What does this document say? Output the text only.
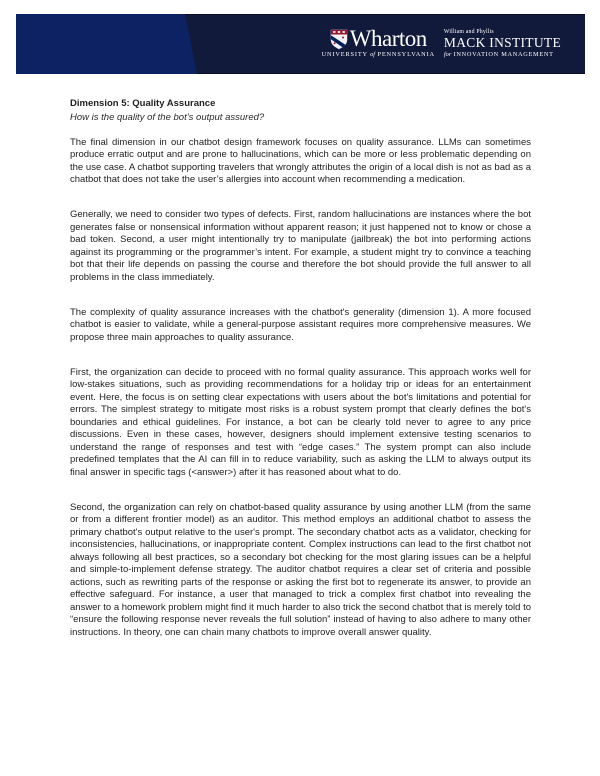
Wharton
UNIVERSITY of PENNSYLVANIA
William and Phyllis
MACK INSTITUTE
for INNOVATION MANAGEMENT

Dimension 5: Quality Assurance

How is the quality of the bot’s output assured?

The final dimension in our chatbot design framework focuses on quality assurance. LLMs can sometimes produce erratic output and are prone to hallucinations, which can be more or less problematic depending on the use case. A chatbot supporting travelers that wrongly attributes the origin of a local dish is not as bad as a chatbot that does not take the user’s allergies into account when recommending a medication.

Generally, we need to consider two types of defects. First, random hallucinations are instances where the bot generates false or nonsensical information without apparent reason; it just happened not to know or chose a bad token. Second, a user might intentionally try to manipulate (jailbreak) the bot into performing actions against its programming or the programmer’s intent. For example, a student might try to convince a teaching bot that their life depends on passing the course and therefore the bot should provide the full answer to all problems in the class immediately.

The complexity of quality assurance increases with the chatbot's generality (dimension 1). A more focused chatbot is easier to validate, while a general-purpose assistant requires more comprehensive measures. We propose three main approaches to quality assurance.

First, the organization can decide to proceed with no formal quality assurance. This approach works well for low-stakes situations, such as providing recommendations for a holiday trip or ideas for an entertainment event. Here, the focus is on setting clear expectations with users about the bot's limitations and potential for errors. The simplest strategy to mitigate most risks is a robust system prompt that clearly defines the bot's boundaries and ethical guidelines. For instance, a bot can be clearly told never to agree to any price discussions. Even in these cases, however, designers should implement extensive testing scenarios to understand the range of responses and test with “edge cases.” The system prompt can also include predefined templates that the AI can fill in to reduce variability, such as asking the LLM to always output its final answer in specific tags (<answer>) after it has reasoned about what to do.

Second, the organization can rely on chatbot-based quality assurance by using another LLM (from the same or from a different frontier model) as an auditor. This method employs an additional chatbot to assess the primary chatbot's output relative to the user's prompt. The secondary chatbot acts as a validator, checking for inconsistencies, hallucinations, or inappropriate content. Complex instructions can lead to the first chatbot not always following all best practices, so a secondary bot checking for the most glaring issues can be a helpful and simple-to-implement defense strategy. The auditor chatbot requires a clear set of criteria and possible actions, such as rewriting parts of the response or asking the first bot to regenerate its answer, to provide an effective safeguard. For instance, a user that managed to trick a complex first chatbot into revealing the answer to a homework problem might find it much harder to also trick the second chatbot that is merely told to “ensure the following response never reveals the full solution” instead of having to also adhere to many other instructions. In theory, one can chain many chatbots to improve overall answer quality.
